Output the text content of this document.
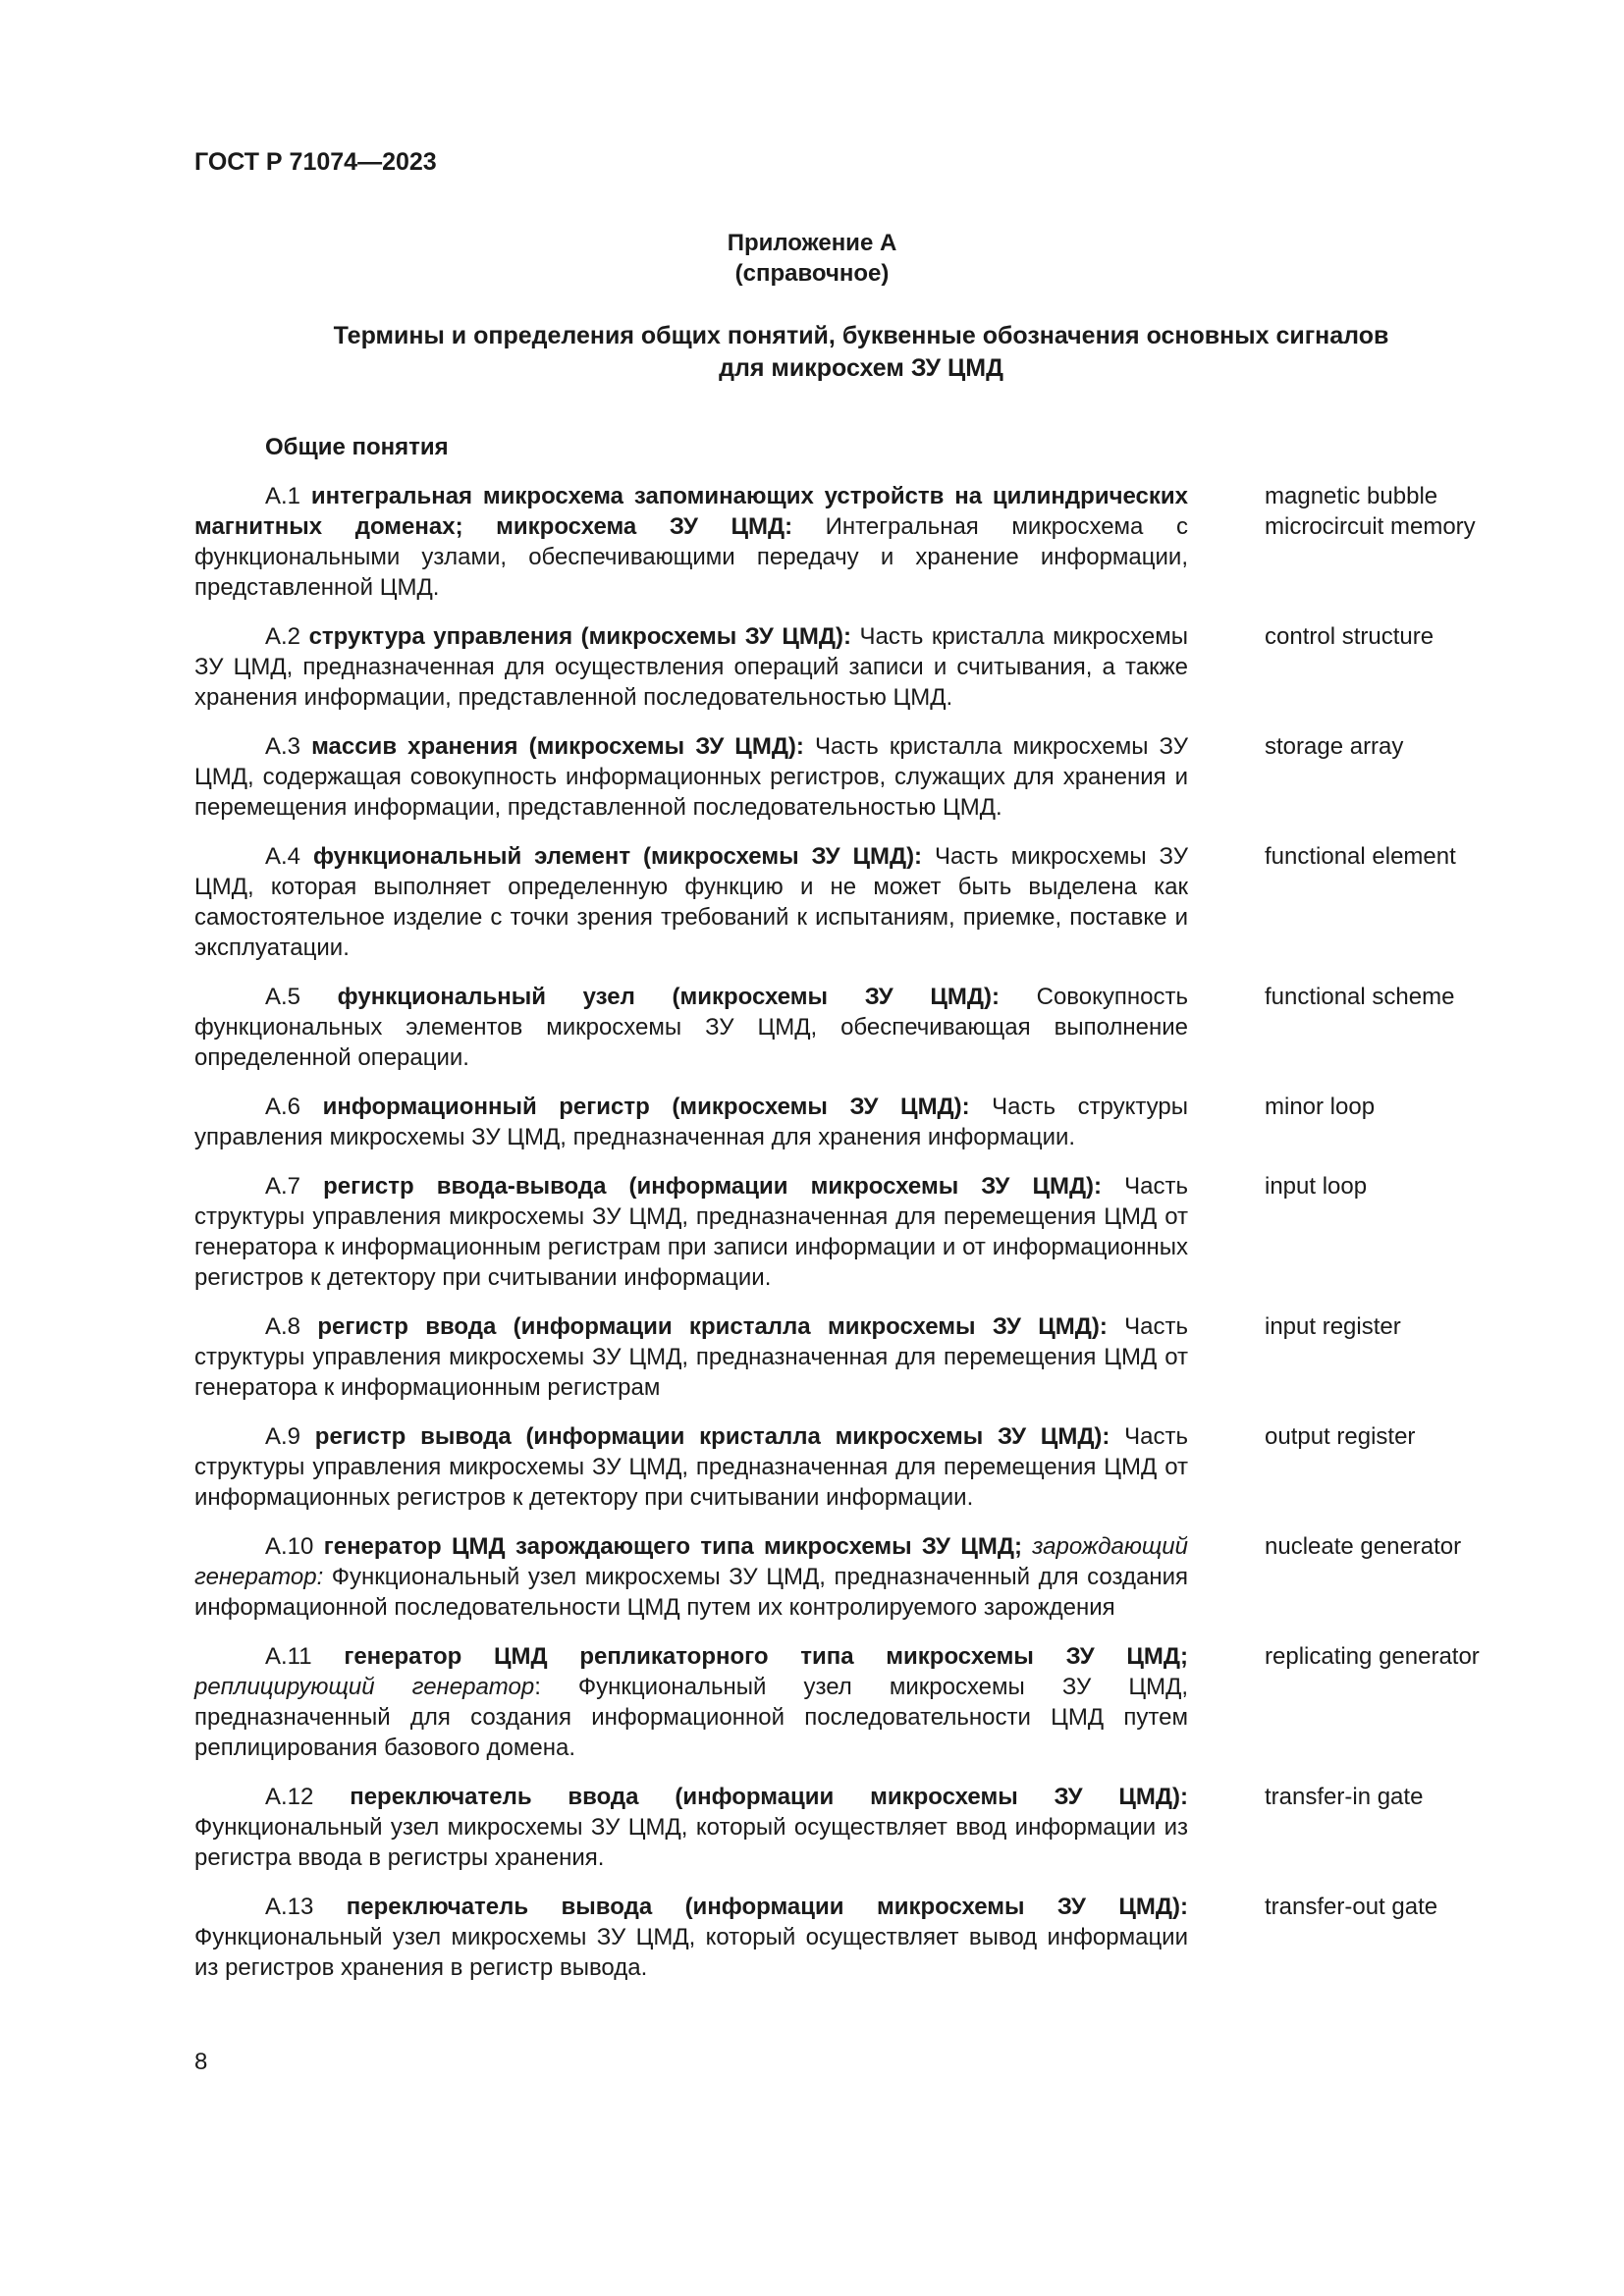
ГОСТ Р 71074—2023
Приложение А
(справочное)
Термины и определения общих понятий, буквенные обозначения основных сигналов
для микросхем ЗУ ЦМД
Общие понятия
А.1 интегральная микросхема запоминающих устройств на цилиндрических магнитных доменах; микросхема ЗУ ЦМД: Интегральная микросхема с функциональными узлами, обеспечивающими передачу и хранение информации, представленной ЦМД.
magnetic bubble microcircuit memory
А.2 структура управления (микросхемы ЗУ ЦМД): Часть кристалла микросхемы ЗУ ЦМД, предназначенная для осуществления операций записи и считывания, а также хранения информации, представленной последовательностью ЦМД.
control structure
А.3 массив хранения (микросхемы ЗУ ЦМД): Часть кристалла микросхемы ЗУ ЦМД, содержащая совокупность информационных регистров, служащих для хранения и перемещения информации, представленной последовательностью ЦМД.
storage array
А.4 функциональный элемент (микросхемы ЗУ ЦМД): Часть микросхемы ЗУ ЦМД, которая выполняет определенную функцию и не может быть выделена как самостоятельное изделие с точки зрения требований к испытаниям, приемке, поставке и эксплуатации.
functional element
А.5 функциональный узел (микросхемы ЗУ ЦМД): Совокупность функциональных элементов микросхемы ЗУ ЦМД, обеспечивающая выполнение определенной операции.
functional scheme
А.6 информационный регистр (микросхемы ЗУ ЦМД): Часть структуры управления микросхемы ЗУ ЦМД, предназначенная для хранения информации.
minor loop
А.7 регистр ввода-вывода (информации микросхемы ЗУ ЦМД): Часть структуры управления микросхемы ЗУ ЦМД, предназначенная для перемещения ЦМД от генератора к информационным регистрам при записи информации и от информационных регистров к детектору при считывании информации.
input loop
А.8 регистр ввода (информации кристалла микросхемы ЗУ ЦМД): Часть структуры управления микросхемы ЗУ ЦМД, предназначенная для перемещения ЦМД от генератора к информационным регистрам
input register
А.9 регистр вывода (информации кристалла микросхемы ЗУ ЦМД): Часть структуры управления микросхемы ЗУ ЦМД, предназначенная для перемещения ЦМД от информационных регистров к детектору при считывании информации.
output register
А.10 генератор ЦМД зарождающего типа микросхемы ЗУ ЦМД; зарождающий генератор: Функциональный узел микросхемы ЗУ ЦМД, предназначенный для создания информационной последовательности ЦМД путем их контролируемого зарождения
nucleate generator
А.11 генератор ЦМД репликаторного типа микросхемы ЗУ ЦМД; реплицирующий генератор: Функциональный узел микросхемы ЗУ ЦМД, предназначенный для создания информационной последовательности ЦМД путем реплицирования базового домена.
replicating generator
А.12 переключатель ввода (информации микросхемы ЗУ ЦМД): Функциональный узел микросхемы ЗУ ЦМД, который осуществляет ввод информации из регистра ввода в регистры хранения.
transfer-in gate
А.13 переключатель вывода (информации микросхемы ЗУ ЦМД): Функциональный узел микросхемы ЗУ ЦМД, который осуществляет вывод информации из регистров хранения в регистр вывода.
transfer-out gate
8
